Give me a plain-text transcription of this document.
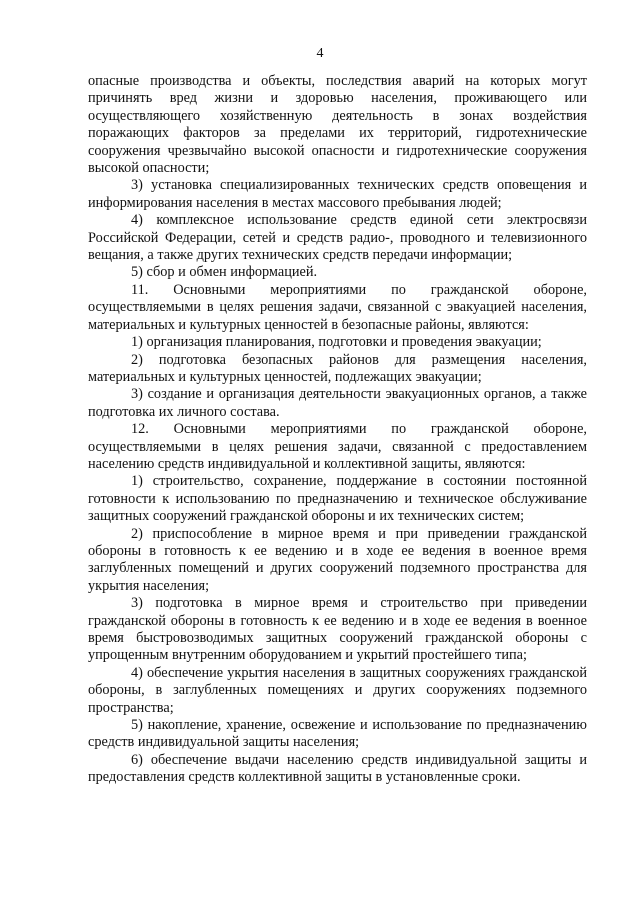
4

опасные производства и объекты, последствия аварий на которых могут причинять вред жизни и здоровью населения, проживающего или осуществляющего хозяйственную деятельность в зонах воздействия поражающих факторов за пределами их территорий, гидротехнические сооружения чрезвычайно высокой опасности и гидротехнические сооружения высокой опасности;

3) установка специализированных технических средств оповещения и информирования населения в местах массового пребывания людей;

4) комплексное использование средств единой сети электросвязи Российской Федерации, сетей и средств радио-, проводного и телевизионного вещания, а также других технических средств передачи информации;

5) сбор и обмен информацией.

11. Основными мероприятиями по гражданской обороне, осуществляемыми в целях решения задачи, связанной с эвакуацией населения, материальных и культурных ценностей в безопасные районы, являются:

1) организация планирования, подготовки и проведения эвакуации;

2) подготовка безопасных районов для размещения населения, материальных и культурных ценностей, подлежащих эвакуации;

3) создание и организация деятельности эвакуационных органов, а также подготовка их личного состава.

12. Основными мероприятиями по гражданской обороне, осуществляемыми в целях решения задачи, связанной с предоставлением населению средств индивидуальной и коллективной защиты, являются:

1) строительство, сохранение, поддержание в состоянии постоянной готовности к использованию по предназначению и техническое обслуживание защитных сооружений гражданской обороны и их технических систем;

2) приспособление в мирное время и при приведении гражданской обороны в готовность к ее ведению и в ходе ее ведения в военное время заглубленных помещений и других сооружений подземного пространства для укрытия населения;

3) подготовка в мирное время и строительство при приведении гражданской обороны в готовность к ее ведению и в ходе ее ведения в военное время быстровозводимых защитных сооружений гражданской обороны с упрощенным внутренним оборудованием и укрытий простейшего типа;

4) обеспечение укрытия населения в защитных сооружениях гражданской обороны, в заглубленных помещениях и других сооружениях подземного пространства;

5) накопление, хранение, освежение и использование по предназначению средств индивидуальной защиты населения;

6) обеспечение выдачи населению средств индивидуальной защиты и предоставления средств коллективной защиты в установленные сроки.
